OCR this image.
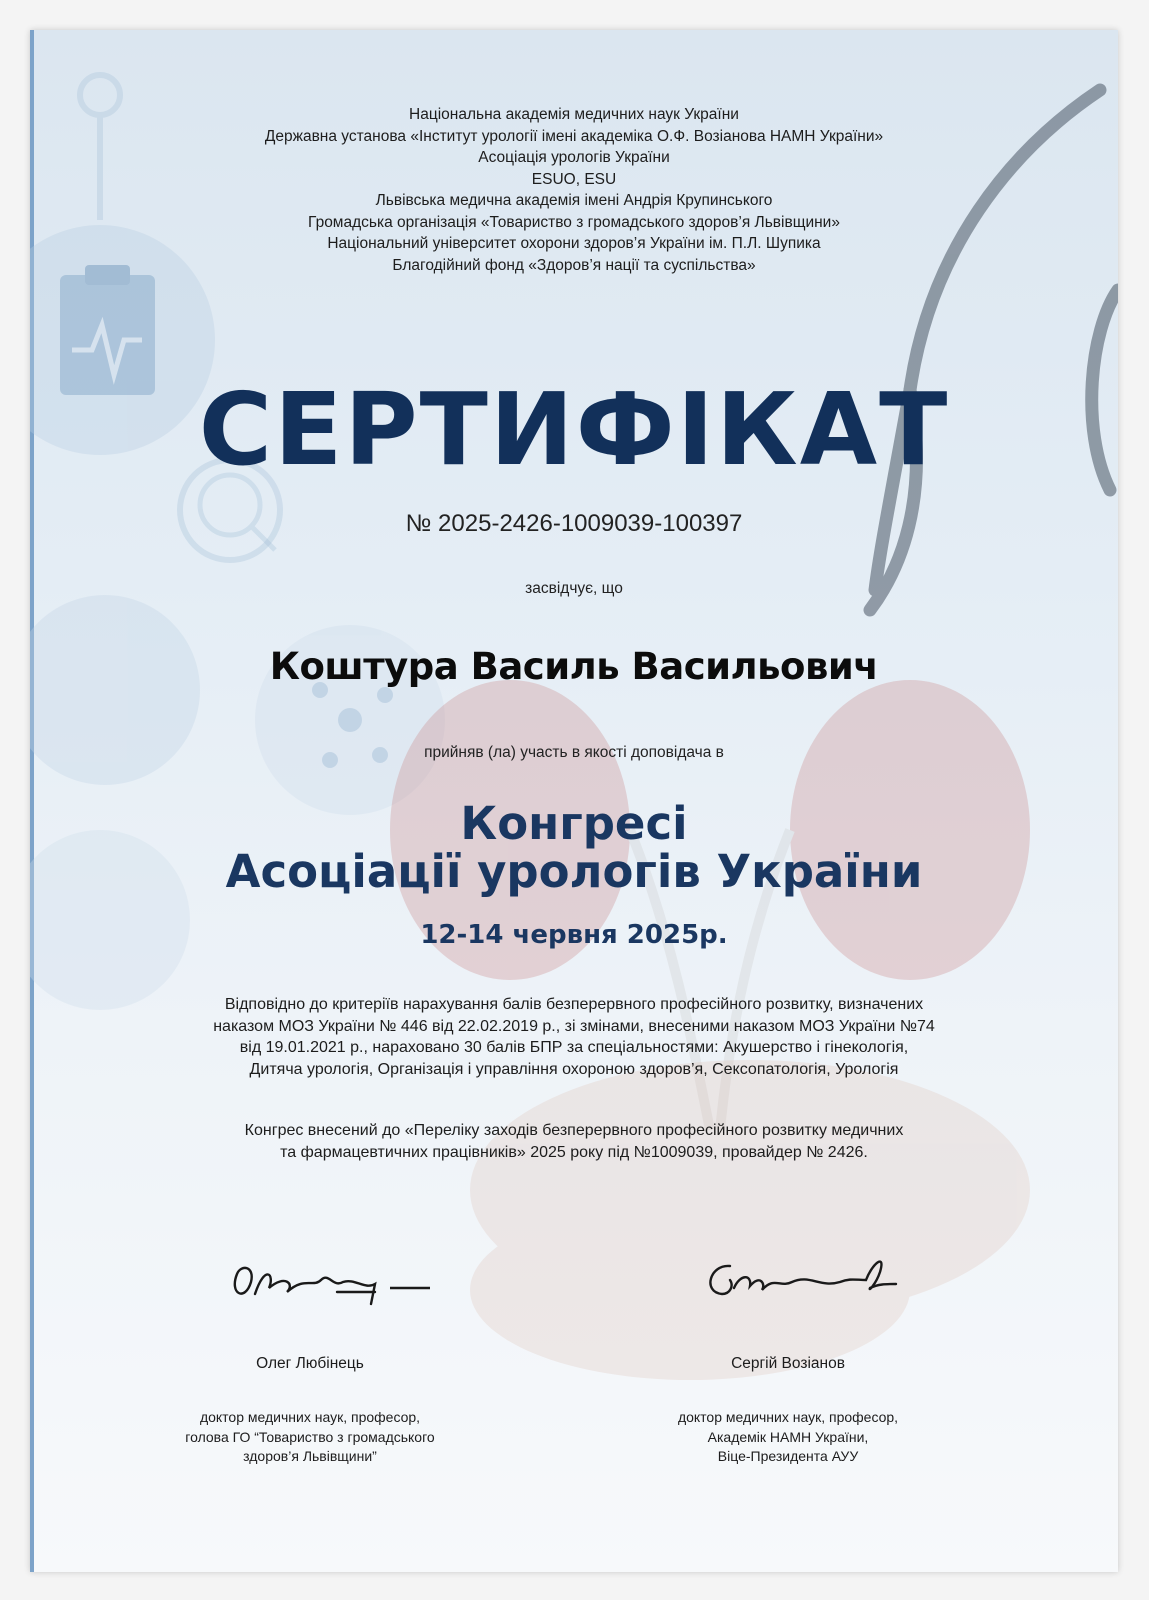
Національна академія медичних наук України
Державна установа «Інститут урології імені академіка О.Ф. Возіанова НАМН України»
Асоціація урологів України
ESUO, ESU
Львівська медична академія імені Андрія Крупинського
Громадська організація «Товариство з громадського здоров’я Львівщини»
Національний університет охорони здоров’я України ім. П.Л. Шупика
Благодійний фонд «Здоров’я нації та суспільства»
СЕРТИФІКАТ
№ 2025-2426-1009039-100397
засвідчує, що
Коштура Василь Васильович
прийняв (ла) участь в якості доповідача в
Конгресі
Асоціації урологів України
12-14 червня 2025р.
Відповідно до критеріїв нарахування балів безперервного професійного розвитку, визначених
наказом МОЗ України № 446 від 22.02.2019 р., зі змінами, внесеними наказом МОЗ України №74
від 19.01.2021 р., нараховано 30 балів БПР за спеціальностями: Акушерство і гінекологія,
Дитяча урологія, Організація і управління охороною здоров’я, Сексопатологія, Урологія
Конгрес внесений до «Переліку заходів безперервного професійного розвитку медичних
та фармацевтичних працівників» 2025 року під №1009039, провайдер № 2426.
Олег Любінець	Сергій Возіанов
доктор медичних наук, професор,
голова ГО “Товариство з громадського
здоров’я Львівщини”
доктор медичних наук, професор,
Академік НАМН України,
Віце-Президента АУУ
